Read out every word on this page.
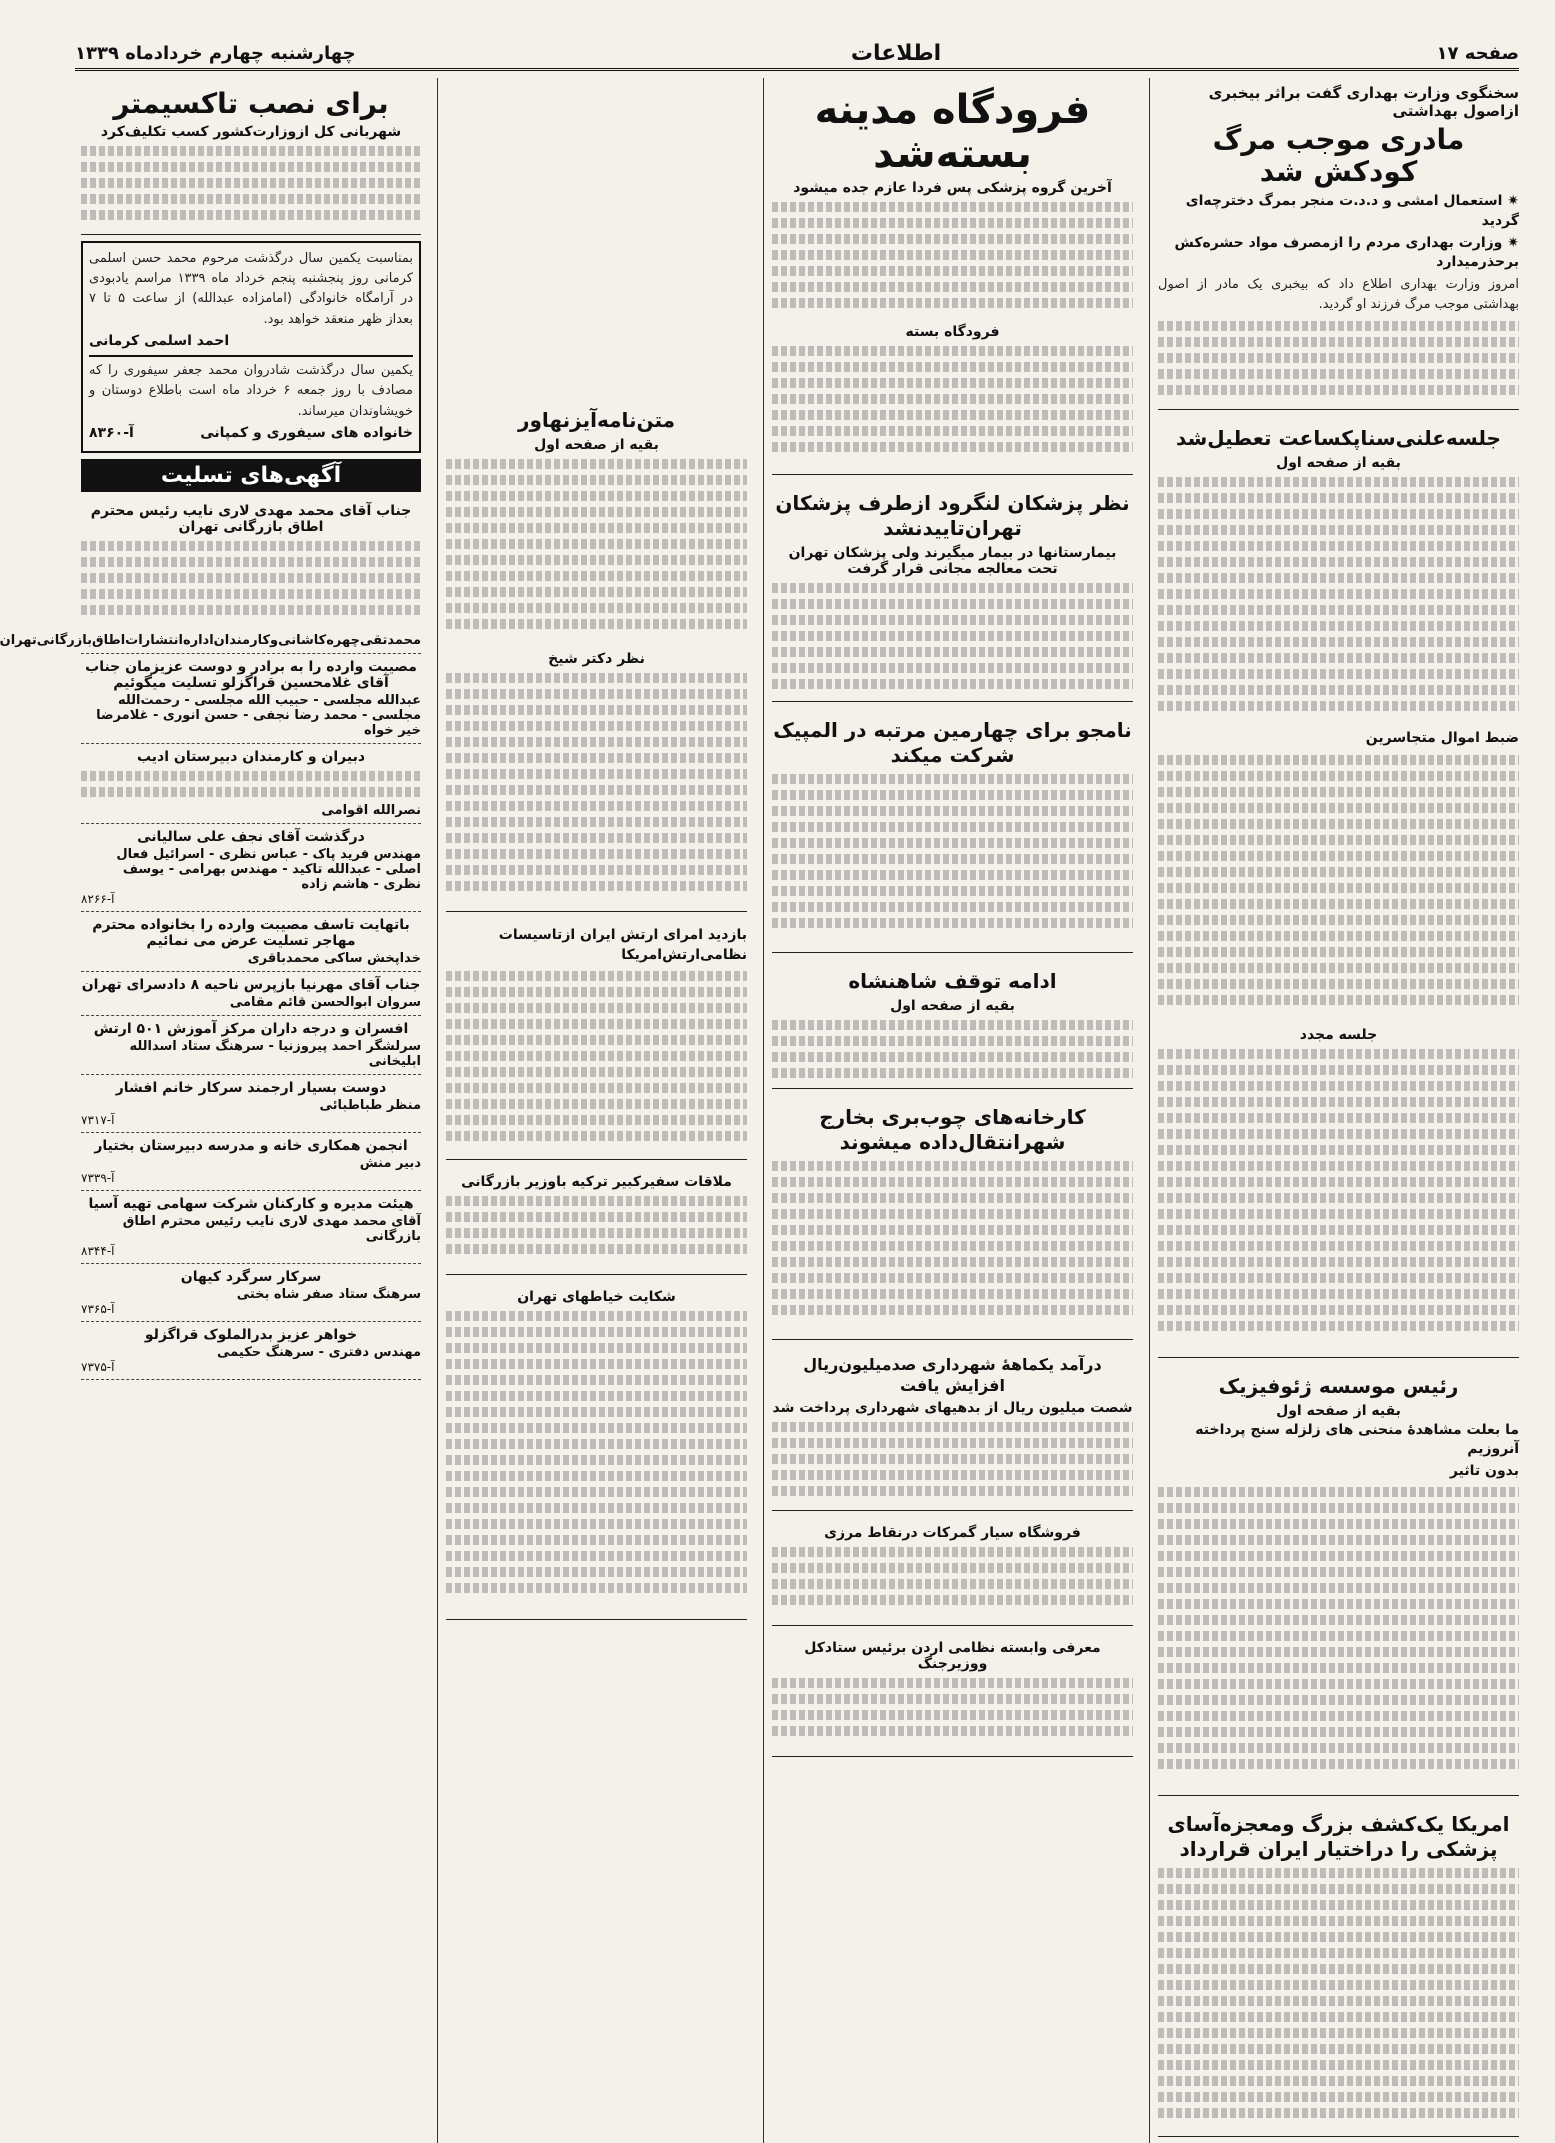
صفحه ۱۷
اطلاعات
چهارشنبه چهارم خردادماه ۱۳۳۹
سخنگوی وزارت بهداری گفت براثر بیخبری ازاصول بهداشتی
مادری موجب مرگ کودکش شد
✷ استعمال امشی و د.د.ت منجر بمرگ دخترچه‌ای گردید
✷ وزارت بهداری مردم را ازمصرف مواد حشره‌کش برحذرمیدارد
امروز وزارت بهداری اطلاع داد که بیخبری یک مادر از اصول بهداشتی موجب مرگ فرزند او گردید.
جلسه‌علنی‌سناپکساعت تعطیل‌شد
بقیه از صفحه اول
ضبط اموال متجاسرین
جلسه مجدد
رئیس موسسه ژئوفیزیک
بقیه از صفحه اول
ما بعلت مشاهدهٔ منحنی های زلزله سنج پرداخته آنروزیم
بدون تاثیر
امریکا یک‌کشف بزرگ ومعجزه‌آسای پزشکی را دراختیار ایران قرارداد
فرودگاه مدینه بسته‌شد
آخرین گروه پزشکی پس فردا عازم جده میشود
فرودگاه بسته
نظر پزشکان لنگرود ازطرف پزشکان تهران‌تایید‌نشد
بیمارستانها در بیمار میگیرند ولی پزشکان تهران تحت معالجه مجانی قرار گرفت
نامجو برای چهارمین مرتبه در المپیک شرکت میکند
ادامه توقف شاهنشاه
بقیه از صفحه اول
کارخانه‌های چوب‌بری بخارج شهرانتقال‌داده میشوند
درآمد یکماههٔ شهرداری صدمیلیون‌ریال افزایش یافت
شصت میلیون ریال از بدهیهای شهرداری پرداخت شد
فروشگاه سیار گمرکات درنقاط مرزی
معرفی وابسته نظامی اردن برئیس ستاد‌کل ووزیرجنگ
متن‌نامه‌آیزنهاور
بقیه از صفحه اول
نظر دکتر شیخ
بازدید امرای ارتش ایران ازتاسیسات نظامی‌ارتش‌امریکا
ملاقات سفیرکبیر ترکیه باوزیر بازرگانی
شکایت خیاطهای تهران
برای نصب تاکسیمتر
شهربانی کل ازوزارت‌کشور کسب تکلیف‌کرد
بمناسبت یکمین سال درگذشت مرحوم محمد حسن اسلمی کرمانی روز پنجشنبه پنجم خرداد ماه ۱۳۳۹ مراسم یادبودی در آرامگاه خانوادگی (امامزاده عبدالله) از ساعت ۵ تا ۷ بعداز ظهر منعقد خواهد بود.
احمد اسلمی کرمانی
یکمین سال درگذشت شادروان محمد جعفر سیفوری را که مصادف با روز جمعه ۶ خرداد ماه است باطلاع دوستان و خویشاوندان میرساند.
خانواده های سیفوری و کمپانی
آ-۸۳۶۰
آگهی‌های تسلیت
جناب آقای محمد مهدی لاری نایب رئیس محترم اطاق بازرگانی تهران
محمدتقی‌چهره‌کاشانی‌وکارمندان‌اداره‌انتشارات‌اطاق‌بازرگانی‌تهران
مصیبت وارده را به برادر و دوست عزیزمان جناب آقای غلامحسین قراگزلو تسلیت میگوئیم
عبدالله مجلسی - حبیب الله مجلسی - رحمت‌الله مجلسی - محمد رضا نجفی - حسن انوری - غلامرضا خیر خواه
دبیران و کارمندان دبیرستان ادیب
نصرالله اقوامی
درگذشت آقای نجف علی سالیانی
مهندس فرید پاک - عباس نظری - اسرائیل فعال اصلی - عبدالله تاکید - مهندس بهرامی - یوسف نظری - هاشم زاده
آ-۸۲۶۶
باتهایت تاسف مصیبت وارده را بخانواده محترم مهاجر تسلیت عرض می نمائیم
خداپخش ساکی محمدباقری
جناب آقای مهرنیا بازپرس ناحیه ۸ دادسرای تهران
سروان ابوالحسن قائم مقامی
افسران و درجه داران مرکز آموزش ۵۰۱ ارتش
سرلشگر احمد پیروزنیا - سرهنگ ستاد اسدالله ابلیخانی
دوست بسیار ارجمند سرکار خانم افشار
منظر طباطبائی
آ-۷۳۱۷
انجمن همکاری خانه و مدرسه دبیرستان بختیار
دبیر منش
آ-۷۳۳۹
هیئت مدیره و کارکنان شرکت سهامی تهیه آسیا
آقای محمد مهدی لاری نایب رئیس محترم اطاق بازرگانی
آ-۸۳۴۴
سرکار سرگرد کیهان
سرهنگ ستاد صفر شاه بختی
آ-۷۳۶۵
خواهر عزیز بدرالملوک قراگزلو
مهندس دفتری - سرهنگ حکیمی
آ-۷۳۷۵
